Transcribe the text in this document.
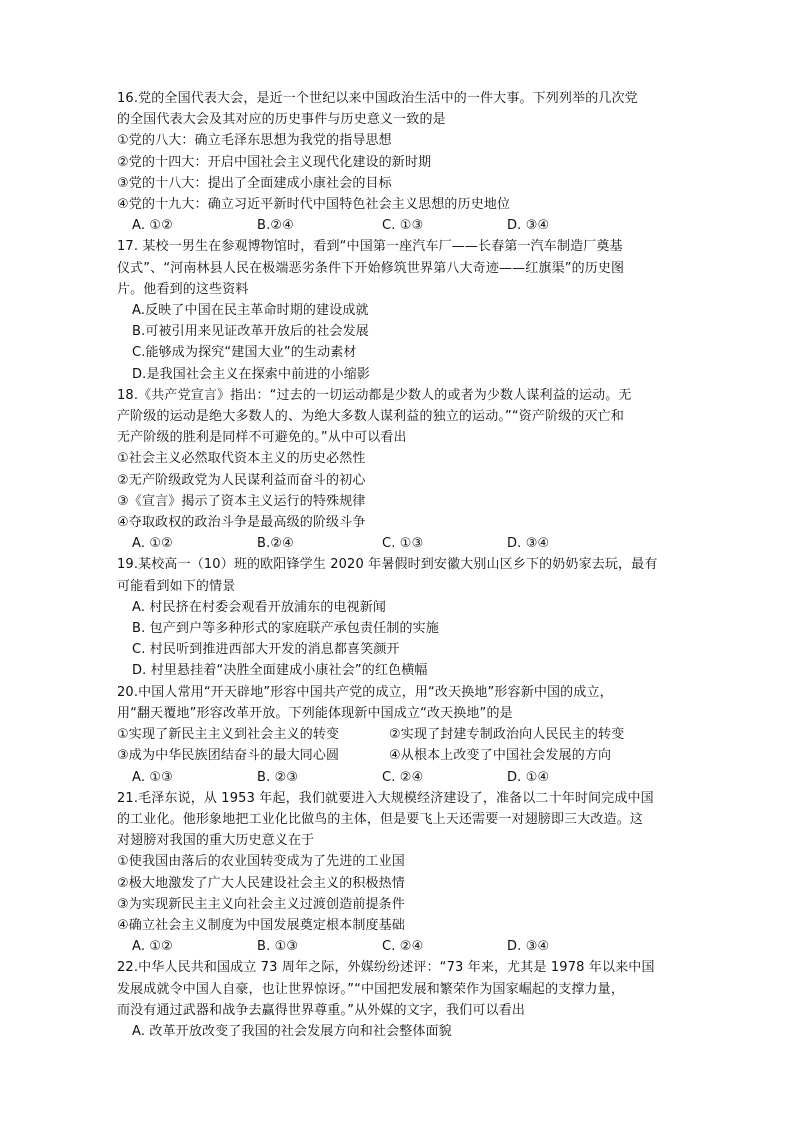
16.党的全国代表大会，是近一个世纪以来中国政治生活中的一件大事。下列列举的几次党
的全国代表大会及其对应的历史事件与历史意义一致的是
①党的八大：确立毛泽东思想为我党的指导思想
②党的十四大：开启中国社会主义现代化建设的新时期
③党的十八大：提出了全面建成小康社会的目标
④党的十九大：确立习近平新时代中国特色社会主义思想的历史地位
A. ①②	B.②④	C. ①③	D. ③④
17. 某校一男生在参观博物馆时，看到“中国第一座汽车厂——长春第一汽车制造厂奠基
仪式”、“河南林县人民在极端恶劣条件下开始修筑世界第八大奇迹——红旗渠”的历史图
片。他看到的这些资料
A.反映了中国在民主革命时期的建设成就
B.可被引用来见证改革开放后的社会发展
C.能够成为探究“建国大业”的生动素材
D.是我国社会主义在探索中前进的小缩影
18.《共产党宣言》指出：“过去的一切运动都是少数人的或者为少数人谋利益的运动。无
产阶级的运动是绝大多数人的、为绝大多数人谋利益的独立的运动。”“资产阶级的灭亡和
无产阶级的胜利是同样不可避免的。”从中可以看出
①社会主义必然取代资本主义的历史必然性
②无产阶级政党为人民谋利益而奋斗的初心
③《宣言》揭示了资本主义运行的特殊规律
④夺取政权的政治斗争是最高级的阶级斗争
A. ①②	B.②④	C. ①③	D. ③④
19.某校高一（10）班的欧阳锋学生 2020 年暑假时到安徽大别山区乡下的奶奶家去玩，最有
可能看到如下的情景
A. 村民挤在村委会观看开放浦东的电视新闻
B. 包产到户等多种形式的家庭联产承包责任制的实施
C. 村民听到推进西部大开发的消息都喜笑颜开
D. 村里悬挂着“决胜全面建成小康社会”的红色横幅
20.中国人常用“开天辟地”形容中国共产党的成立，用“改天换地”形容新中国的成立，
用“翻天覆地”形容改革开放。下列能体现新中国成立“改天换地”的是
①实现了新民主主义到社会主义的转变	②实现了封建专制政治向人民民主的转变
③成为中华民族团结奋斗的最大同心圆	④从根本上改变了中国社会发展的方向
A. ①③	B. ②③	C. ②④	D. ①④
21.毛泽东说，从 1953 年起，我们就要进入大规模经济建设了，准备以二十年时间完成中国
的工业化。他形象地把工业化比做鸟的主体，但是要飞上天还需要一对翅膀即三大改造。这
对翅膀对我国的重大历史意义在于
①使我国由落后的农业国转变成为了先进的工业国
②极大地激发了广大人民建设社会主义的积极热情
③为实现新民主主义向社会主义过渡创造前提条件
④确立社会主义制度为中国发展奠定根本制度基础
A. ①②	B. ①③	C. ②④	D. ③④
22.中华人民共和国成立 73 周年之际，外媒纷纷述评：“73 年来，尤其是 1978 年以来中国
发展成就令中国人自豪，也让世界惊讶。”“中国把发展和繁荣作为国家崛起的支撑力量，
而没有通过武器和战争去赢得世界尊重。”从外媒的文字，我们可以看出
A. 改革开放改变了我国的社会发展方向和社会整体面貌
